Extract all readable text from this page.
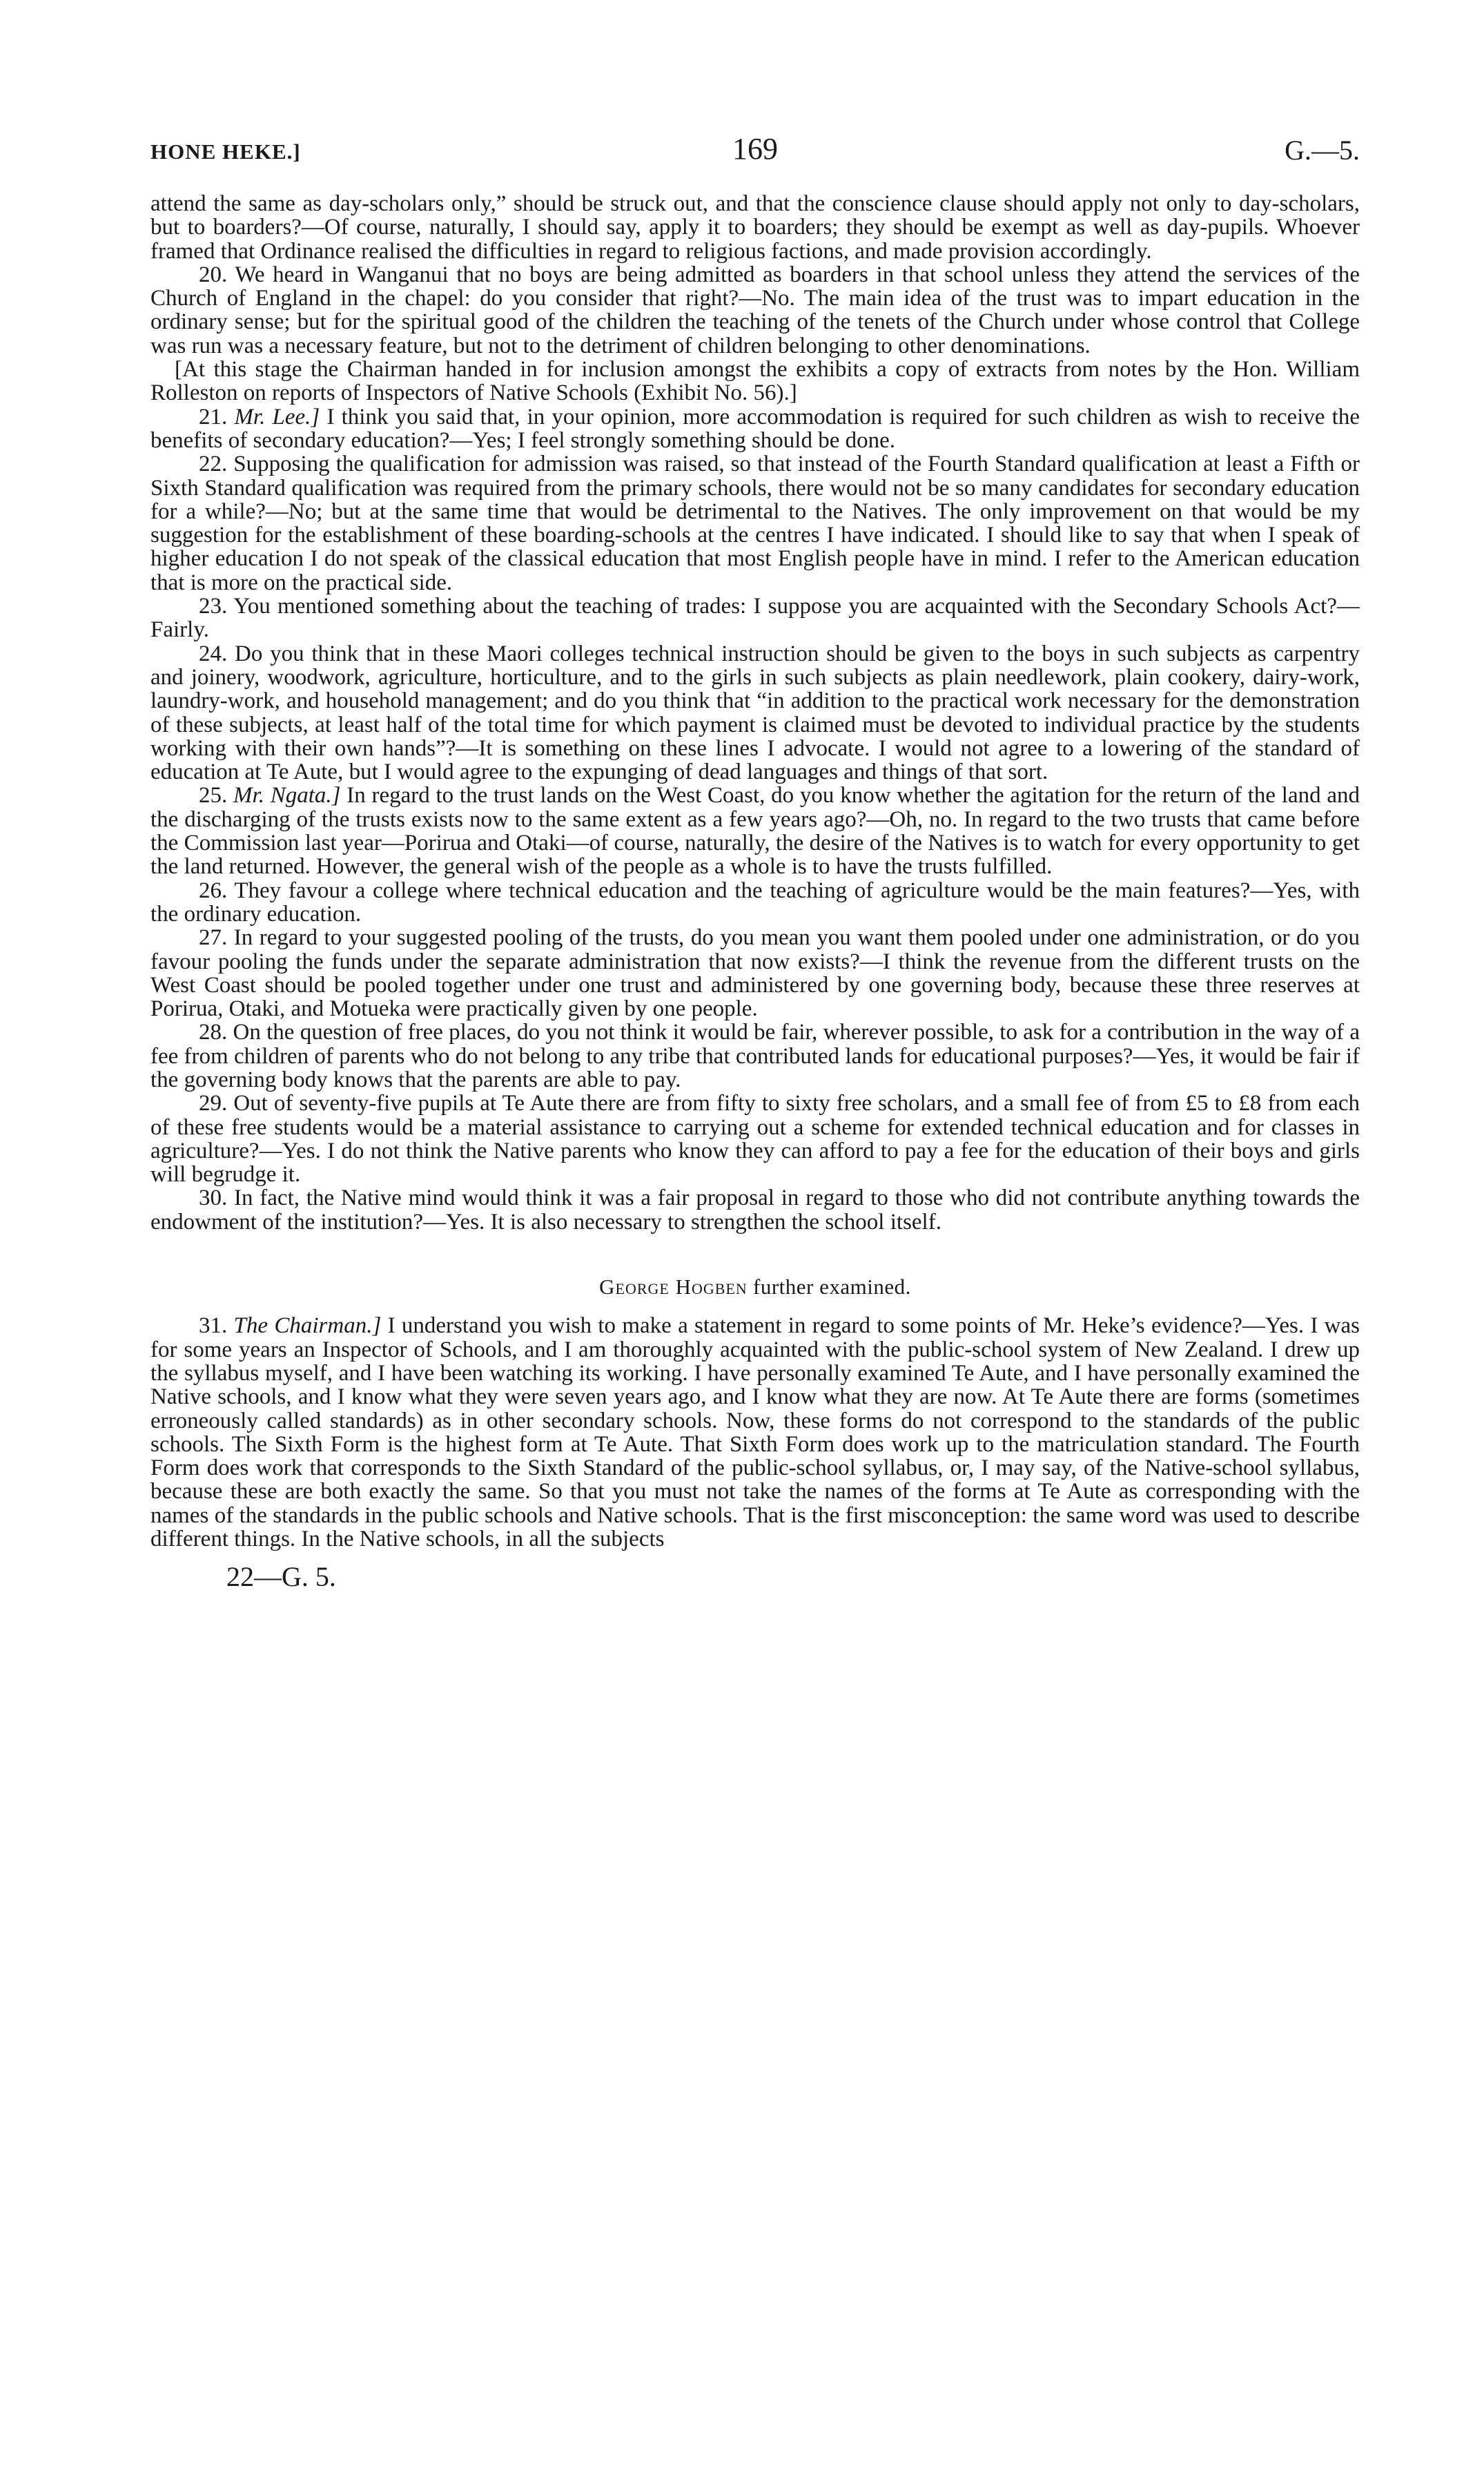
HONE HEKE.]	169	G.—5.

attend the same as day-scholars only,” should be struck out, and that the conscience clause should apply not only to day-scholars, but to boarders?—Of course, naturally, I should say, apply it to boarders; they should be exempt as well as day-pupils. Whoever framed that Ordinance realised the difficulties in regard to religious factions, and made provision accordingly.

20. We heard in Wanganui that no boys are being admitted as boarders in that school unless they attend the services of the Church of England in the chapel: do you consider that right?—No. The main idea of the trust was to impart education in the ordinary sense; but for the spiritual good of the children the teaching of the tenets of the Church under whose control that College was run was a necessary feature, but not to the detriment of children belonging to other denominations.

[At this stage the Chairman handed in for inclusion amongst the exhibits a copy of extracts from notes by the Hon. William Rolleston on reports of Inspectors of Native Schools (Exhibit No. 56).]

21. Mr. Lee.] I think you said that, in your opinion, more accommodation is required for such children as wish to receive the benefits of secondary education?—Yes; I feel strongly something should be done.

22. Supposing the qualification for admission was raised, so that instead of the Fourth Standard qualification at least a Fifth or Sixth Standard qualification was required from the primary schools, there would not be so many candidates for secondary education for a while?—No; but at the same time that would be detrimental to the Natives. The only improvement on that would be my suggestion for the establishment of these boarding-schools at the centres I have indicated. I should like to say that when I speak of higher education I do not speak of the classical education that most English people have in mind. I refer to the American education that is more on the practical side.

23. You mentioned something about the teaching of trades: I suppose you are acquainted with the Secondary Schools Act?—Fairly.

24. Do you think that in these Maori colleges technical instruction should be given to the boys in such subjects as carpentry and joinery, woodwork, agriculture, horticulture, and to the girls in such subjects as plain needlework, plain cookery, dairy-work, laundry-work, and household management; and do you think that “in addition to the practical work necessary for the demonstration of these subjects, at least half of the total time for which payment is claimed must be devoted to individual practice by the students working with their own hands”?—It is something on these lines I advocate. I would not agree to a lowering of the standard of education at Te Aute, but I would agree to the expunging of dead languages and things of that sort.

25. Mr. Ngata.] In regard to the trust lands on the West Coast, do you know whether the agitation for the return of the land and the discharging of the trusts exists now to the same extent as a few years ago?—Oh, no. In regard to the two trusts that came before the Commission last year—Porirua and Otaki—of course, naturally, the desire of the Natives is to watch for every opportunity to get the land returned. However, the general wish of the people as a whole is to have the trusts fulfilled.

26. They favour a college where technical education and the teaching of agriculture would be the main features?—Yes, with the ordinary education.

27. In regard to your suggested pooling of the trusts, do you mean you want them pooled under one administration, or do you favour pooling the funds under the separate administration that now exists?—I think the revenue from the different trusts on the West Coast should be pooled together under one trust and administered by one governing body, because these three reserves at Porirua, Otaki, and Motueka were practically given by one people.

28. On the question of free places, do you not think it would be fair, wherever possible, to ask for a contribution in the way of a fee from children of parents who do not belong to any tribe that contributed lands for educational purposes?—Yes, it would be fair if the governing body knows that the parents are able to pay.

29. Out of seventy-five pupils at Te Aute there are from fifty to sixty free scholars, and a small fee of from £5 to £8 from each of these free students would be a material assistance to carrying out a scheme for extended technical education and for classes in agriculture?—Yes. I do not think the Native parents who know they can afford to pay a fee for the education of their boys and girls will begrudge it.

30. In fact, the Native mind would think it was a fair proposal in regard to those who did not contribute anything towards the endowment of the institution?—Yes. It is also necessary to strengthen the school itself.

George Hogben further examined.

31. The Chairman.] I understand you wish to make a statement in regard to some points of Mr. Heke’s evidence?—Yes. I was for some years an Inspector of Schools, and I am thoroughly acquainted with the public-school system of New Zealand. I drew up the syllabus myself, and I have been watching its working. I have personally examined Te Aute, and I have personally examined the Native schools, and I know what they were seven years ago, and I know what they are now. At Te Aute there are forms (sometimes erroneously called standards) as in other secondary schools. Now, these forms do not correspond to the standards of the public schools. The Sixth Form is the highest form at Te Aute. That Sixth Form does work up to the matriculation standard. The Fourth Form does work that corresponds to the Sixth Standard of the public-school syllabus, or, I may say, of the Native-school syllabus, because these are both exactly the same. So that you must not take the names of the forms at Te Aute as corresponding with the names of the standards in the public schools and Native schools. That is the first misconception: the same word was used to describe different things. In the Native schools, in all the subjects

22—G. 5.
